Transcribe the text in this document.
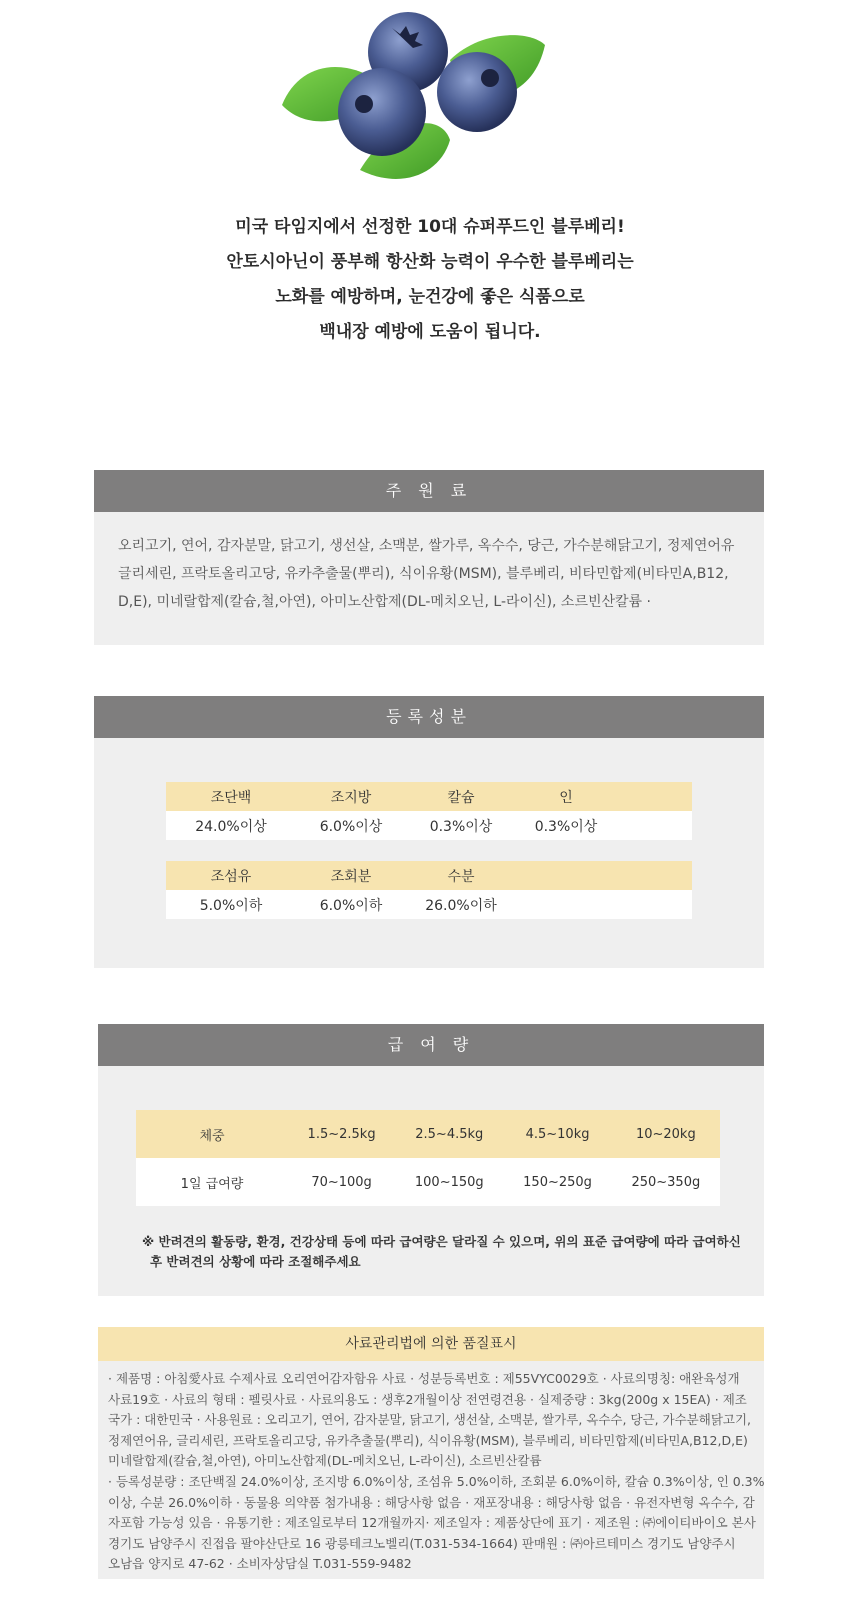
미국 타임지에서 선정한 10대 슈퍼푸드인 블루베리!
안토시아닌이 풍부해 항산화 능력이 우수한 블루베리는
노화를 예방하며, 눈건강에 좋은 식품으로
백내장 예방에 도움이 됩니다.
주 원 료
오리고기, 연어, 감자분말, 닭고기, 생선살, 소맥분, 쌀가루, 옥수수, 당근, 가수분해닭고기, 정제연어유
글리세린, 프락토올리고당, 유카추출물(뿌리), 식이유황(MSM), 블루베리, 비타민합제(비타민A,B12,
D,E), 미네랄합제(칼슘,철,아연), 아미노산합제(DL-메치오닌, L-라이신), 소르빈산칼륨 ·
등록성분
조단백	조지방	칼슘	인	
24.0%이상	6.0%이상	0.3%이상	0.3%이상	
조섬유	조회분	수분		
5.0%이하	6.0%이하	26.0%이하		
급 여 량
체중	1.5~2.5kg	2.5~4.5kg	4.5~10kg	10~20kg
1일 급여량	70~100g	100~150g	150~250g	250~350g
※ 반려견의 활동량, 환경, 건강상태 등에 따라 급여량은 달라질 수 있으며, 위의 표준 급여량에 따라 급여하신
후 반려견의 상황에 따라 조절해주세요
사료관리법에 의한 품질표시
· 제품명 : 아침愛사료 수제사료 오리연어감자함유 사료 · 성분등록번호 : 제55VYC0029호 · 사료의명칭: 애완육성개
사료19호 · 사료의 형태 : 펠릿사료 · 사료의용도 : 생후2개월이상 전연령견용 · 실제중량 : 3kg(200g x 15EA) · 제조
국가 : 대한민국 · 사용원료 : 오리고기, 연어, 감자분말, 닭고기, 생선살, 소맥분, 쌀가루, 옥수수, 당근, 가수분해닭고기,
정제연어유, 글리세린, 프락토올리고당, 유카추출물(뿌리), 식이유황(MSM), 블루베리, 비타민합제(비타민A,B12,D,E)
미네랄합제(칼슘,철,아연), 아미노산합제(DL-메치오닌, L-라이신), 소르빈산칼륨
· 등록성분량 : 조단백질 24.0%이상, 조지방 6.0%이상, 조섬유 5.0%이하, 조회분 6.0%이하, 칼슘 0.3%이상, 인 0.3%
이상, 수분 26.0%이하 · 동물용 의약품 첨가내용 : 해당사항 없음 · 재포장내용 : 해당사항 없음 · 유전자변형 옥수수, 감
자포함 가능성 있음 · 유통기한 : 제조일로부터 12개월까지· 제조일자 : 제품상단에 표기 · 제조원 : ㈜에이티바이오 본사
경기도 남양주시 진접읍 팔야산단로 16 광릉테크노벨리(T.031-534-1664) 판매원 : ㈜아르테미스 경기도 남양주시
오남읍 양지로 47-62 · 소비자상담실 T.031-559-9482
